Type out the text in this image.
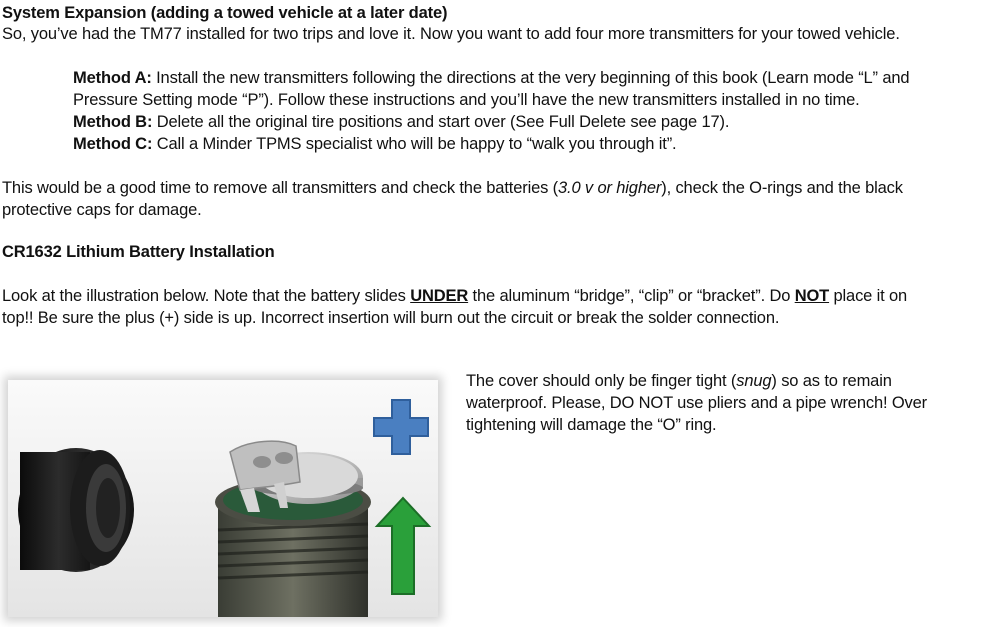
System Expansion (adding a towed vehicle at a later date)

So, you’ve had the TM77 installed for two trips and love it. Now you want to add four more transmitters for your towed vehicle.

Method A: Install the new transmitters following the directions at the very beginning of this book (Learn mode “L” and

Pressure Setting mode “P”). Follow these instructions and you’ll have the new transmitters installed in no time.

Method B: Delete all the original tire positions and start over (See Full Delete see page 17).

Method C: Call a Minder TPMS specialist who will be happy to “walk you through it”.

This would be a good time to remove all transmitters and check the batteries (3.0 v or higher), check the O-rings and the black

protective caps for damage.

CR1632 Lithium Battery Installation

Look at the illustration below. Note that the battery slides UNDER the aluminum “bridge”, “clip” or “bracket”. Do NOT place it on

top!! Be sure the plus (+) side is up. Incorrect insertion will burn out the circuit or break the solder connection.

The cover should only be finger tight (snug) so as to remain

waterproof. Please, DO NOT use pliers and a pipe wrench! Over

tightening will damage the “O” ring.
